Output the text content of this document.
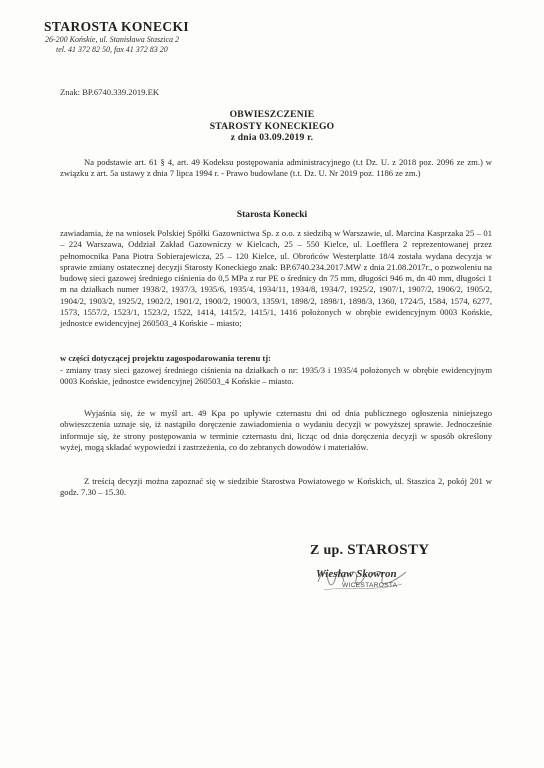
STAROSTA KONECKI
26-200 Końskie, ul. Stanisława Staszica 2
tel. 41 372 82 50, fax 41 372 83 20
Znak: BP.6740.339.2019.EK
OBWIESZCZENIE
STAROSTY KONECKIEGO
z dnia 03.09.2019 r.
Na podstawie art. 61 § 4, art. 49 Kodeksu postępowania administracyjnego (t.t Dz. U. z 2018 poz. 2096 ze zm.) w związku z art. 5a ustawy z dnia 7 lipca 1994 r. - Prawo budowlane (t.t. Dz. U. Nr 2019 poz. 1186 ze zm.)
Starosta Konecki
zawiadamia, że na wniosek Polskiej Spółki Gazownictwa Sp. z o.o. z siedzibą w Warszawie, ul. Marcina Kasprzaka 25 – 01 – 224 Warszawa, Oddział Zakład Gazowniczy w Kielcach, 25 – 550 Kielce, ul. Loefflera 2 reprezentowanej przez pełnomocnika Pana Piotra Sobierajewicza, 25 – 120 Kielce, ul. Obrońców Westerplatte 18/4 została wydana decyzja w sprawie zmiany ostatecznej decyzji Starosty Koneckiego znak: BP.6740.234.2017.MW z dnia 21.08.2017r., o pozwoleniu na budowę sieci gazowej średniego ciśnienia do 0,5 MPa z rur PE o średnicy dn 75 mm, długości 946 m, dn 40 mm, długości 1 m na działkach numer 1938/2, 1937/3, 1935/6, 1935/4, 1934/11, 1934/8, 1934/7, 1925/2, 1907/1, 1907/2, 1906/2, 1905/2, 1904/2, 1903/2, 1925/2, 1902/2, 1901/2, 1900/2, 1900/3, 1359/1, 1898/2, 1898/1, 1898/3, 1360, 1724/5, 1584, 1574, 6277, 1573, 1557/2, 1523/1, 1523/2, 1522, 1414, 1415/2, 1415/1, 1416 położonych w obrębie ewidencyjnym 0003 Końskie, jednostce ewidencyjnej 260503_4 Końskie – miasto;
w części dotyczącej projektu zagospodarowania terenu tj:
- zmiany trasy sieci gazowej średniego ciśnienia na działkach o nr: 1935/3 i 1935/4 położonych w obrębie ewidencyjnym 0003 Końskie, jednostce ewidencyjnej 260503_4 Końskie – miasto.
Wyjaśnia się, że w myśl art. 49 Kpa po upływie czternastu dni od dnia publicznego ogłoszenia niniejszego obwieszczenia uznaje się, iż nastąpiło doręczenie zawiadomienia o wydaniu decyzji w powyższej sprawie. Jednocześnie informuje się, że strony postępowania w terminie czternastu dni, licząc od dnia doręczenia decyzji w sposób określony wyżej, mogą składać wypowiedzi i zastrzeżenia, co do zebranych dowodów i materiałów.
Z treścią decyzji można zapoznać się w siedzibie Starostwa Powiatowego w Końskich, ul. Staszica 2, pokój 201 w godz. 7.30 – 15.30.
Z up. STAROSTY
Wiesław Skowron
WICESTAROSTA
